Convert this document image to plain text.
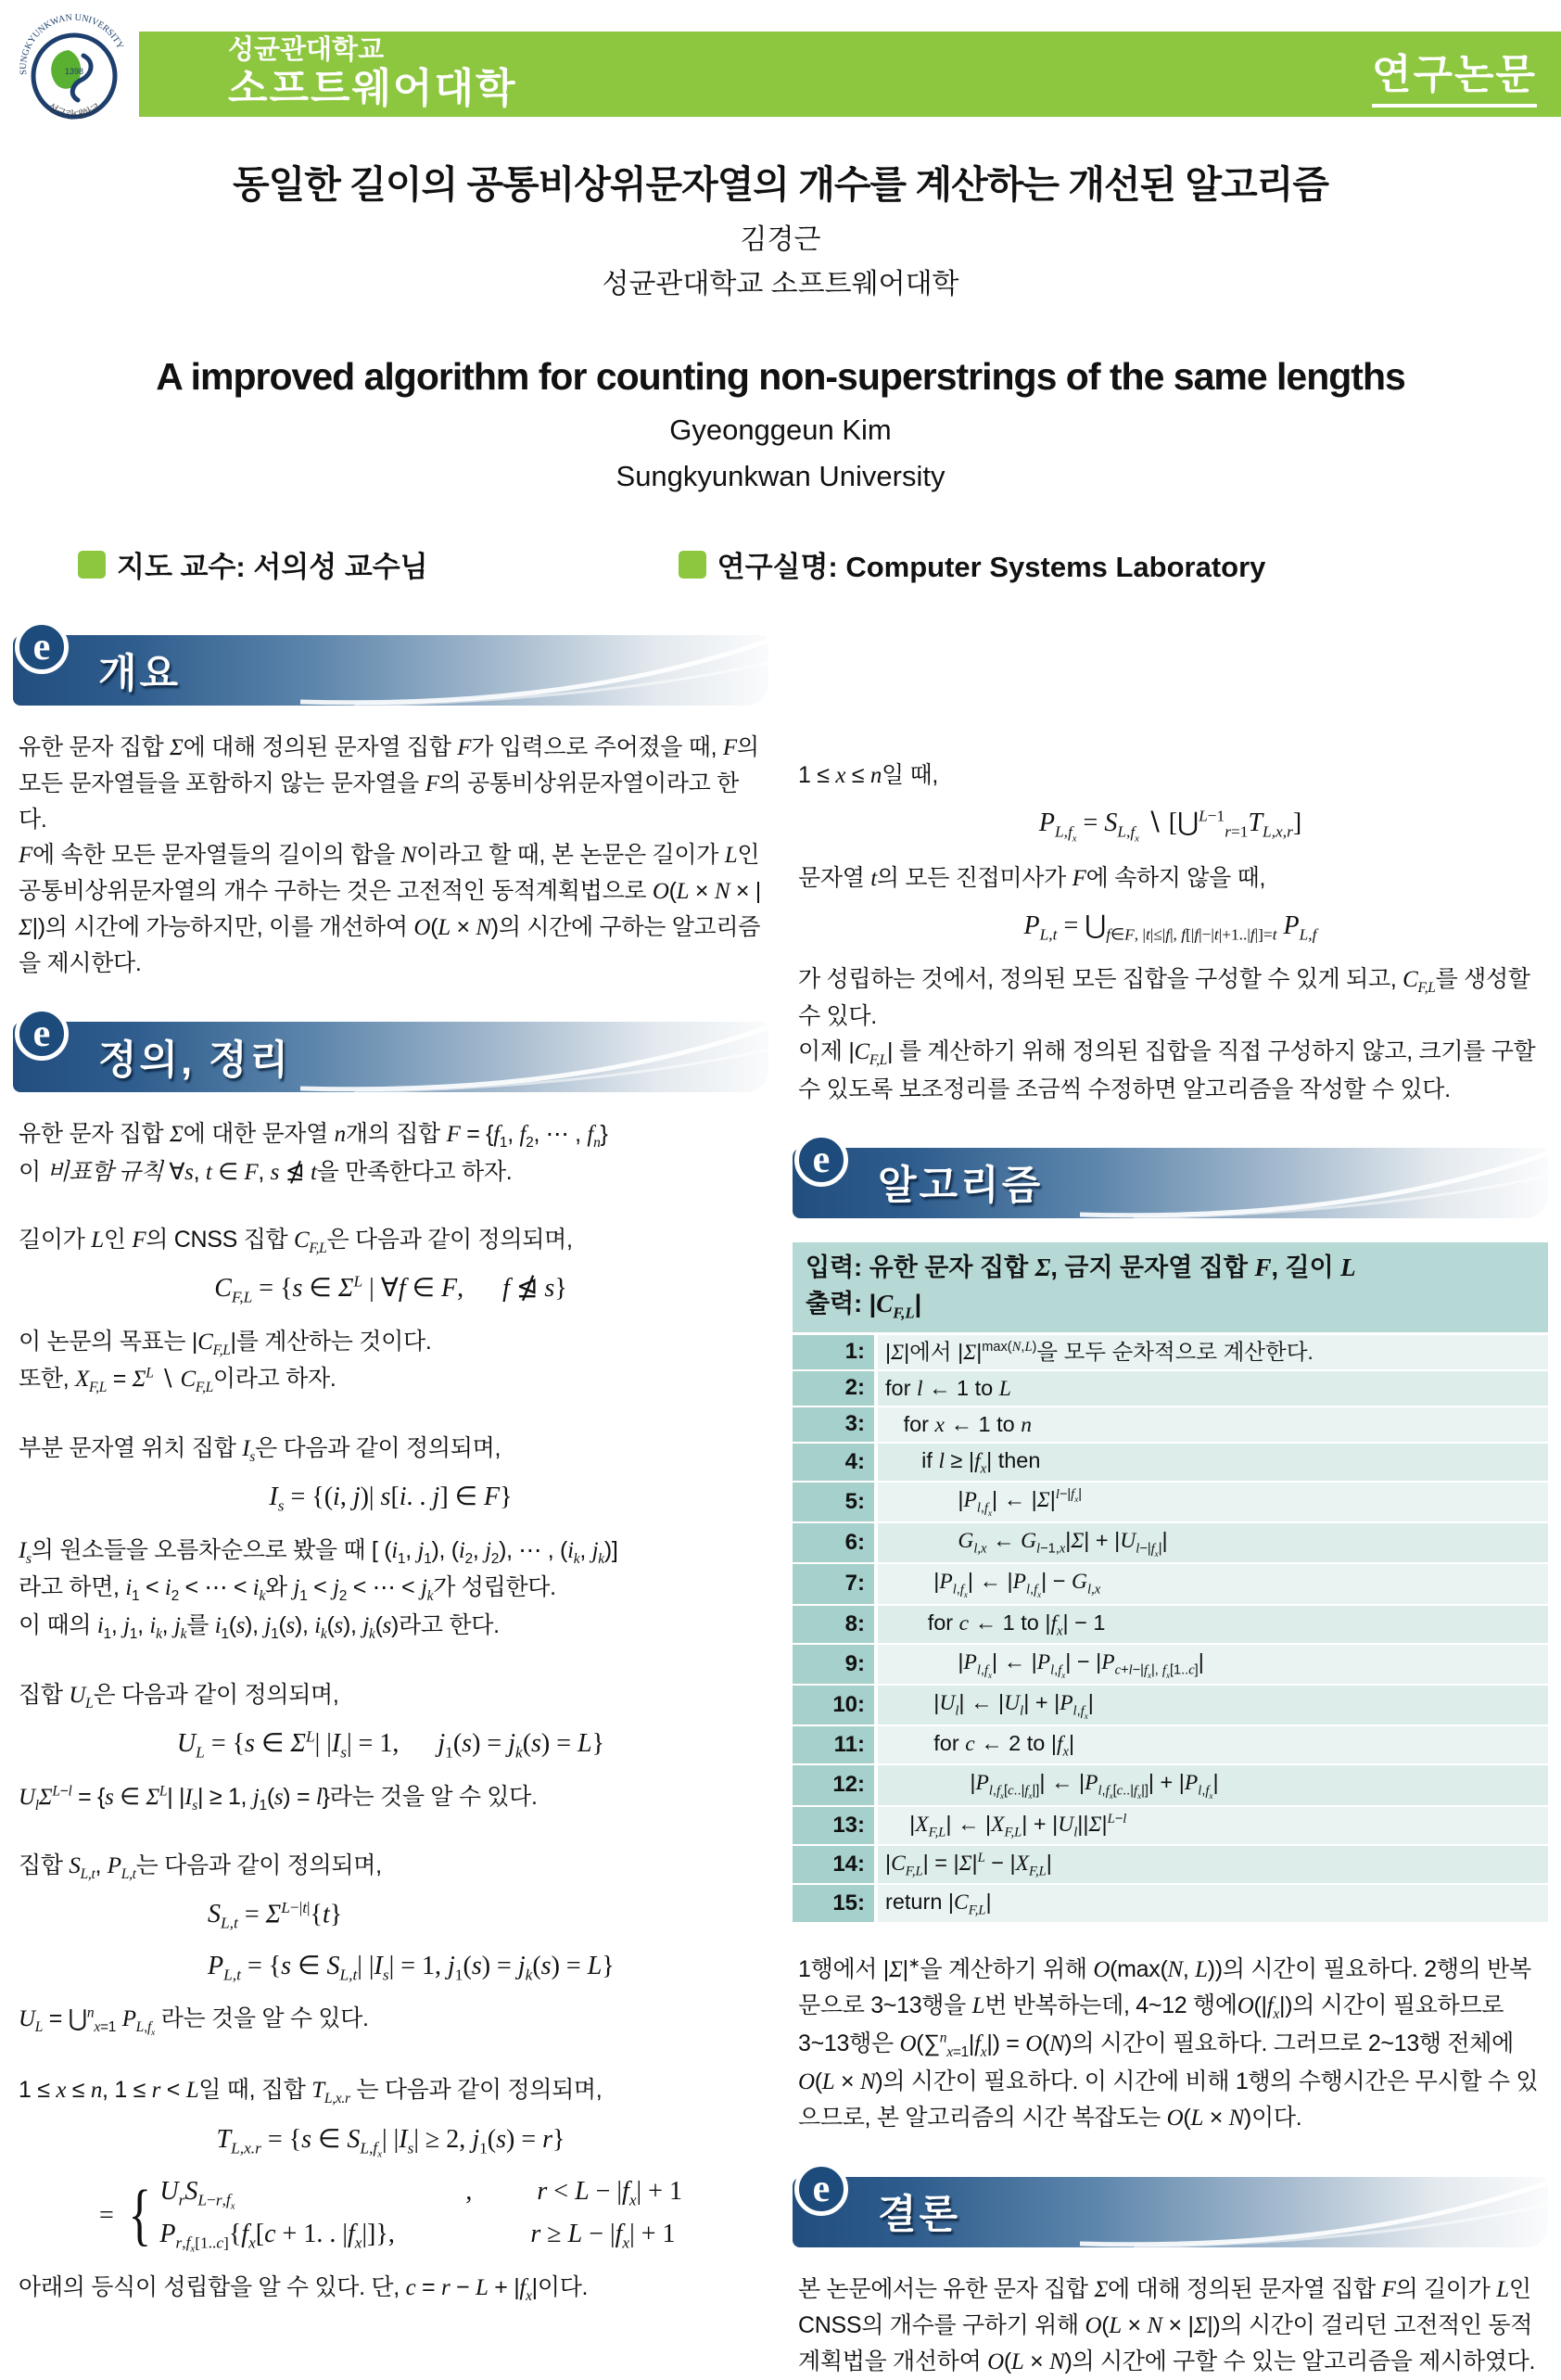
SUNGKYUNKWAN UNIVERSITY
성균관대학교
1398
성균관대학교
소프트웨어대학	연구논문
동일한 길이의 공통비상위문자열의 개수를 계산하는 개선된 알고리즘
김경근
성균관대학교 소프트웨어대학
A improved algorithm for counting non-superstrings of the same lengths
Gyeonggeun Kim
Sungkyunkwan University
지도 교수: 서의성 교수님	연구실명: Computer Systems Laboratory
e
개요
유한 문자 집합 Σ에 대해 정의된 문자열 집합 F가 입력으로 주어졌을 때, F의 모든 문자열들을 포함하지 않는 문자열을 F의 공통비상위문자열이라고 한다.
F에 속한 모든 문자열들의 길이의 합을 N이라고 할 때, 본 논문은 길이가 L인 공통비상위문자열의 개수 구하는 것은 고전적인 동적계획법으로 O(L × N × |Σ|)의 시간에 가능하지만, 이를 개선하여 O(L × N)의 시간에 구하는 알고리즘을 제시한다.
e
정의, 정리
유한 문자 집합 Σ에 대한 문자열 n개의 집합 $F = \{f_1$, $f_2$, ⋯ , $f_n$}
이 비표함 규칙 ∀s, t ∈ F, s ⋬ t을 만족한다고 하자.
길이가 L인 F의 CNSS 집합 $C_{F,L}$은 다음과 같이 정의되며,
$C_{F,L} = \{s$ ∈ $\Sigma^L$ | ∀f ∈ F,      f ⋬ s}
이 논문의 목표는 $|C_{F,L}|$를 계산하는 것이다.
또한, $X_{F,L} = \Sigma^L$ ∖ $C_{F,L}$이라고 하자.
부분 문자열 위치 집합 $I_s$은 다음과 같이 정의되며,
$I_s = \{(i$, j)| s[i. . j] ∈ F}
$I_s$의 원소들을 오름차순으로 봤을 때 [ ($i_1$, $j_1$), ($i_2$, $j_2$), ⋯ , ($i_k$, $j_k$)]
라고 하면, $i_1 < i_2$ < ⋯ < $i_k$와 $j_1 < j_2$ < ⋯ < $j_k$가 성립한다.
이 때의 $i_1$, $j_1$, $i_k$, $j_k$를 $i_1(s)$, $j_1(s)$, $i_k(s)$, $j_k(s)$라고 한다.
집합 $U_L$은 다음과 같이 정의되며,
$U_L = \{s$ ∈ $\Sigma^L|$ $|I_s| = 1$,      $j_1(s) = j_k(s) = L$}
$U_l\Sigma^{L-l} = \{s$ ∈ $\Sigma^L|$ $|I_s| \ge 1$, $j_1(s) = l$}라는 것을 알 수 있다.
집합 $S_{L,t}$, $P_{L,t}$는 다음과 같이 정의되며,
$S_{L,t} = \Sigma^{L-|t|}\{t\}$
$P_{L,t} = \{s$ ∈ $S_{L,t}|$ $|I_s| = 1$, $j_1(s) = j_k(s) = L$}
$U_L$ = ⋃$^n_{x=1}$ $P_{L,f_x}$ 라는 것을 알 수 있다.
1 ≤ x ≤ n, 1 ≤ r < L일 때, 집합 $T_{L,x.r}$ 는 다음과 같이 정의되며,
$T_{L,x.r} = \{s$ ∈ $S_{L,f_x}|$ $|I_s| \ge 2$, $j_1(s) = r$}
= { $U_rS_{L-r,f_x}$
,	$r < L - |f_x| + 1$
$P_{r,f_x[1..c]}\{f_x[c + 1$. . $|f_x|$]},	$r \ge L - |f_x| + 1$
아래의 등식이 성립합을 알 수 있다. 단, $c = r - L + |f_x|$이다.
1 ≤ x ≤ n일 때,
$P_{L,f_x} = S_{L,f_x}$ ∖ $[⋃^{L-1}_{r=1}T_{L,x,r}]$
문자열 t의 모든 진접미사가 F에 속하지 않을 때,
$P_{L,t}$ = $⋃_{f\in F, |t|\le|f|, f[|f|-|t|+1..|f|]=t}$ $P_{L,f}$
가 성립하는 것에서, 정의된 모든 집합을 구성할 수 있게 되고, $C_{F,L}$를 생성할 수 있다.
이제 $|C_{F,L}|$ 를 계산하기 위해 정의된 집합을 직접 구성하지 않고, 크기를 구할 수 있도록 보조정리를 조금씩 수정하면 알고리즘을 작성할 수 있다.
e
알고리즘
입력: 유한 문자 집합 Σ, 금지 문자열 집합 F, 길이 L
출력: $|C_{F,L}|$
1: |Σ|에서 $|\Sigma|^{max(N,L)}$을 모두 순차적으로 계산한다.
2: for l ← 1 to L
3: for x ← 1 to n
4: if $l \ge |f_x|$ then
5: $|P_{l,f_x}|$ ← $|\Sigma|^{l-|f_x|}$
6:	$G_{l,x}$ ← $G_{l-1,x}|\Sigma| + |U_{l-|f_x|}|$
7: $|P_{l,f_x}|$ ← $|P_{l,f_x}| - G_{l,x}$
8: for c ← 1 to $|f_x| - 1$
9: $|P_{l,f_x}|$ ← $|P_{l,f_x}| - |P_{c+l-|f_x|, f_x[1..c]}|$
10: $|U_l|$ ← $|U_l| + |P_{l,f_x}|$
11: for c ← 2 to $|f_x|$
12: $|P_{l,f_x[c..|f_x|]}|$ ← $|P_{l,f_x[c..|f_x|]}| + |P_{l,f_x}|$
13: $|X_{F,L}|$ ← $|X_{F,L}| + |U_l||\Sigma|^{L-l}$
14: $|C_{F,L}| = |\Sigma|^L - |X_{F,L}|$
15: return $|C_{F,L}|$
1행에서 |Σ|∗을 계산하기 위해 O(max(N, L))의 시간이 필요하다. 2행의 반복문으로 3~13행을 L번 반복하는데, 4~12 행에$O(|f_x|)$의 시간이 필요하므로 3~13행은 $O(\sum^n_{x=1}|f_x|) = O(N)$의 시간이 필요하다. 그러므로 2~13행 전체에 O(L × N)의 시간이 필요하다. 이 시간에 비해 1행의 수행시간은 무시할 수 있으므로, 본 알고리즘의 시간 복잡도는 O(L × N)이다.
e
결론
본 논문에서는 유한 문자 집합 Σ에 대해 정의된 문자열 집합 F의 길이가 L인 CNSS의 개수를 구하기 위해 O(L × N × |Σ|)의 시간이 걸리던 고전적인 동적 계획법을 개선하여 O(L × N)의 시간에 구할 수 있는 알고리즘을 제시하였다.
